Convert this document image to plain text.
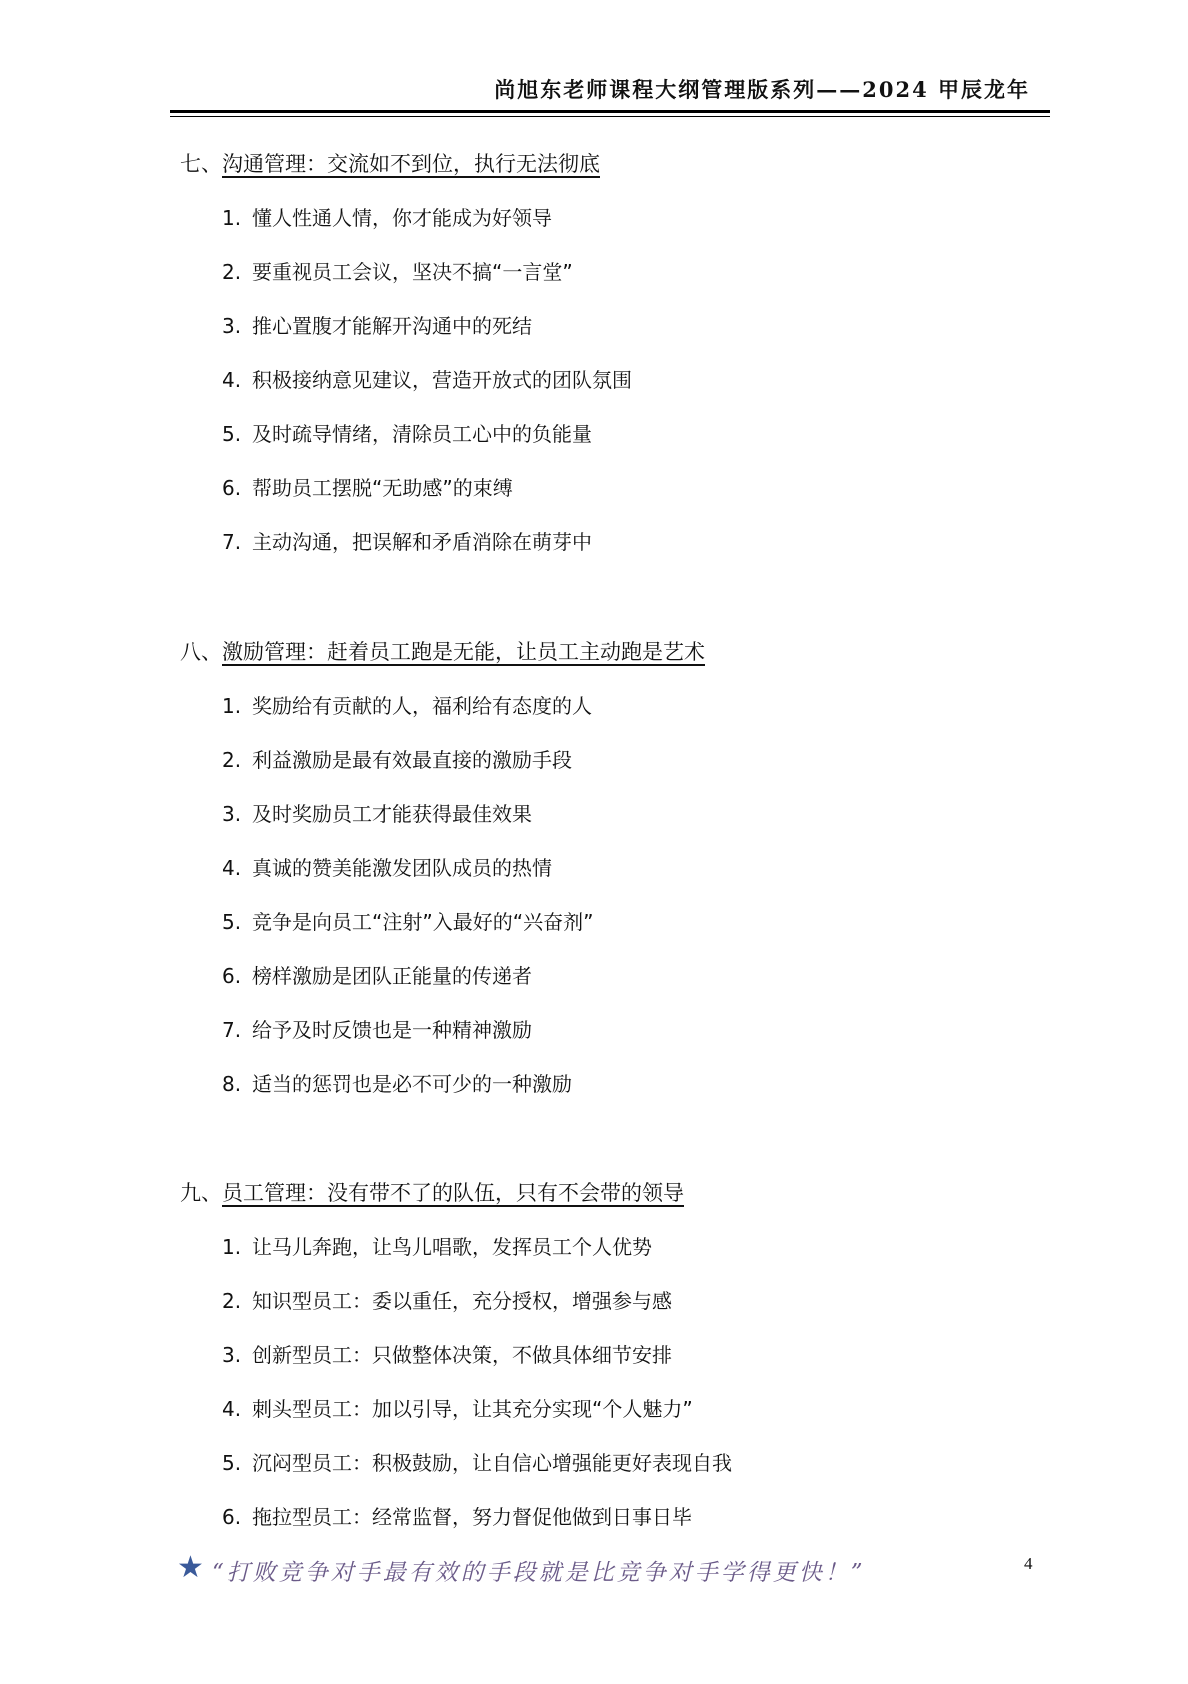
尚旭东老师课程大纲管理版系列——2024 甲辰龙年
七、沟通管理：交流如不到位，执行无法彻底
1. 懂人性通人情，你才能成为好领导
2. 要重视员工会议，坚决不搞“一言堂”
3. 推心置腹才能解开沟通中的死结
4. 积极接纳意见建议，营造开放式的团队氛围
5. 及时疏导情绪，清除员工心中的负能量
6. 帮助员工摆脱“无助感”的束缚
7. 主动沟通，把误解和矛盾消除在萌芽中
八、激励管理：赶着员工跑是无能，让员工主动跑是艺术
1. 奖励给有贡献的人，福利给有态度的人
2. 利益激励是最有效最直接的激励手段
3. 及时奖励员工才能获得最佳效果
4. 真诚的赞美能激发团队成员的热情
5. 竞争是向员工“注射”入最好的“兴奋剂”
6. 榜样激励是团队正能量的传递者
7. 给予及时反馈也是一种精神激励
8. 适当的惩罚也是必不可少的一种激励
九、员工管理：没有带不了的队伍，只有不会带的领导
1. 让马儿奔跑，让鸟儿唱歌，发挥员工个人优势
2. 知识型员工：委以重任，充分授权，增强参与感
3. 创新型员工：只做整体决策，不做具体细节安排
4. 刺头型员工：加以引导，让其充分实现“个人魅力”
5. 沉闷型员工：积极鼓励，让自信心增强能更好表现自我
6. 拖拉型员工：经常监督，努力督促他做到日事日毕
★ “打败竞争对手最有效的手段就是比竞争对手学得更快！”	4
